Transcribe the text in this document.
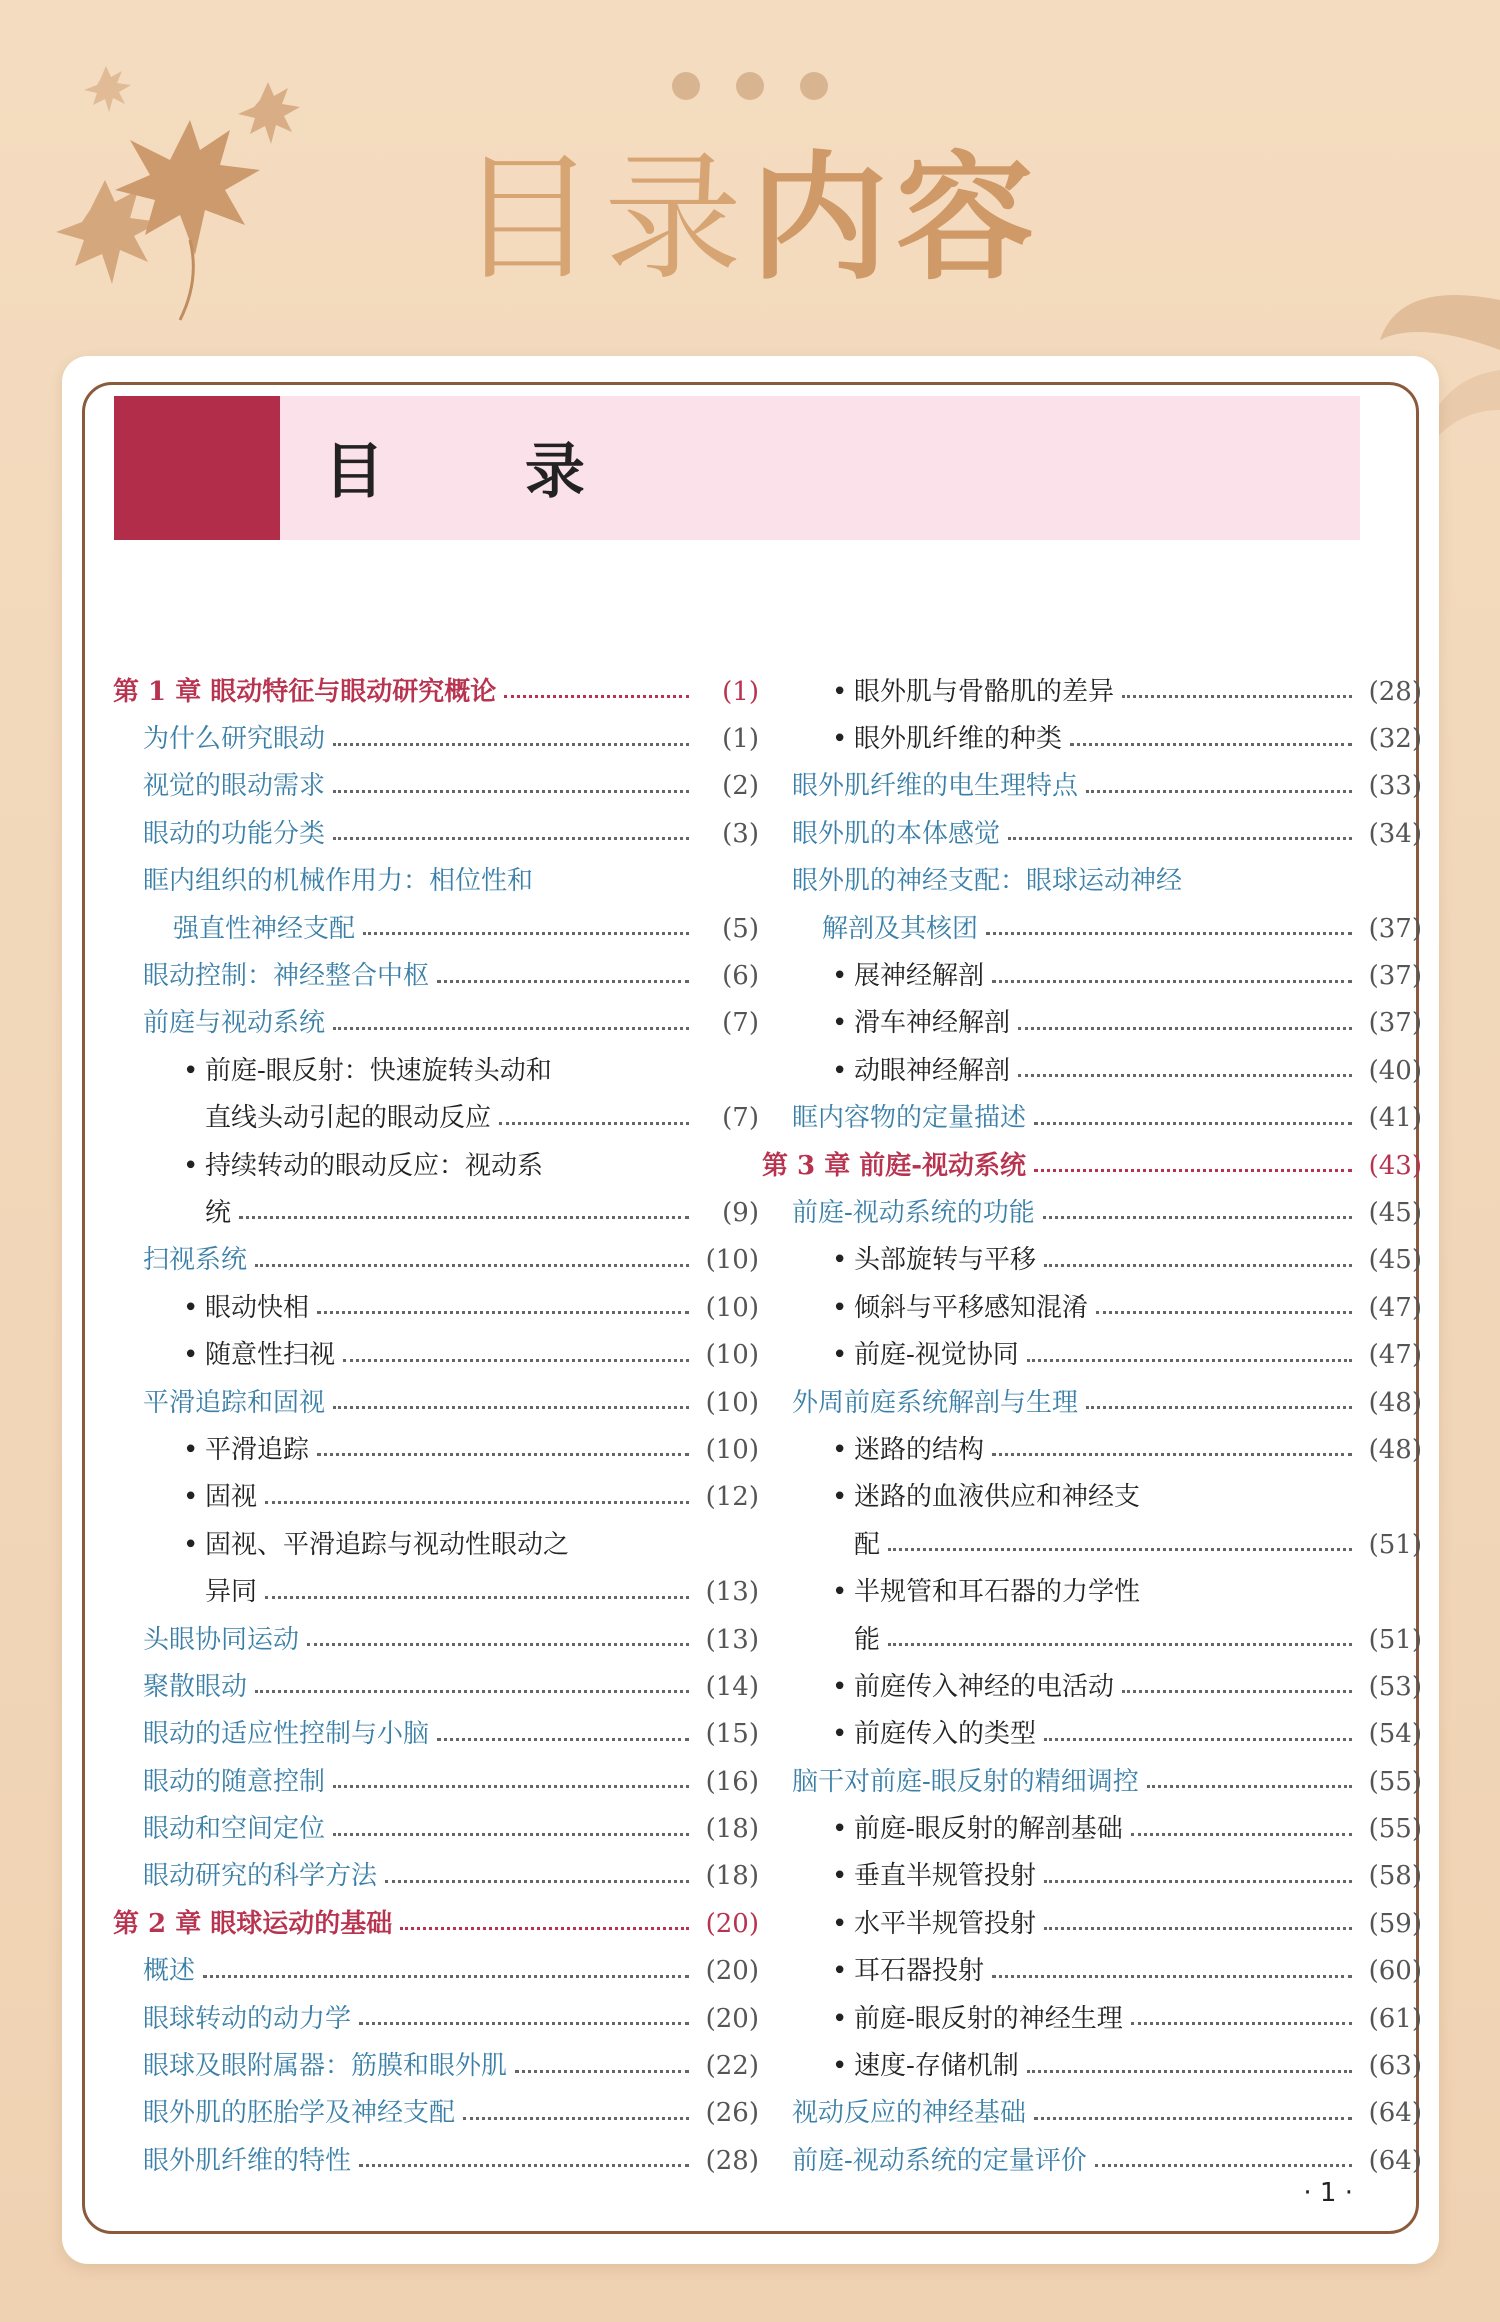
目录内容
目 录
第 1 章 眼动特征与眼动研究概论	(1)
为什么研究眼动	(1)
视觉的眼动需求	(2)
眼动的功能分类	(3)
眶内组织的机械作用力：相位性和
强直性神经支配	(5)
眼动控制：神经整合中枢	(6)
前庭与视动系统	(7)
• 前庭-眼反射：快速旋转头动和
直线头动引起的眼动反应	(7)
• 持续转动的眼动反应：视动系
统	(9)
扫视系统	(10)
• 眼动快相	(10)
• 随意性扫视	(10)
平滑追踪和固视	(10)
• 平滑追踪	(10)
• 固视	(12)
• 固视、平滑追踪与视动性眼动之
异同	(13)
头眼协同运动	(13)
聚散眼动	(14)
眼动的适应性控制与小脑	(15)
眼动的随意控制	(16)
眼动和空间定位	(18)
眼动研究的科学方法	(18)
第 2 章 眼球运动的基础	(20)
概述	(20)
眼球转动的动力学	(20)
眼球及眼附属器：筋膜和眼外肌	(22)
眼外肌的胚胎学及神经支配	(26)
眼外肌纤维的特性	(28)
• 眼外肌与骨骼肌的差异	(28)
• 眼外肌纤维的种类	(32)
眼外肌纤维的电生理特点	(33)
眼外肌的本体感觉	(34)
眼外肌的神经支配：眼球运动神经
解剖及其核团	(37)
• 展神经解剖	(37)
• 滑车神经解剖	(37)
• 动眼神经解剖	(40)
眶内容物的定量描述	(41)
第 3 章 前庭-视动系统	(43)
前庭-视动系统的功能	(45)
• 头部旋转与平移	(45)
• 倾斜与平移感知混淆	(47)
• 前庭-视觉协同	(47)
外周前庭系统解剖与生理	(48)
• 迷路的结构	(48)
• 迷路的血液供应和神经支
配	(51)
• 半规管和耳石器的力学性
能	(51)
• 前庭传入神经的电活动	(53)
• 前庭传入的类型	(54)
脑干对前庭-眼反射的精细调控	(55)
• 前庭-眼反射的解剖基础	(55)
• 垂直半规管投射	(58)
• 水平半规管投射	(59)
• 耳石器投射	(60)
• 前庭-眼反射的神经生理	(61)
• 速度-存储机制	(63)
视动反应的神经基础	(64)
前庭-视动系统的定量评价	(64)
· 1 ·
